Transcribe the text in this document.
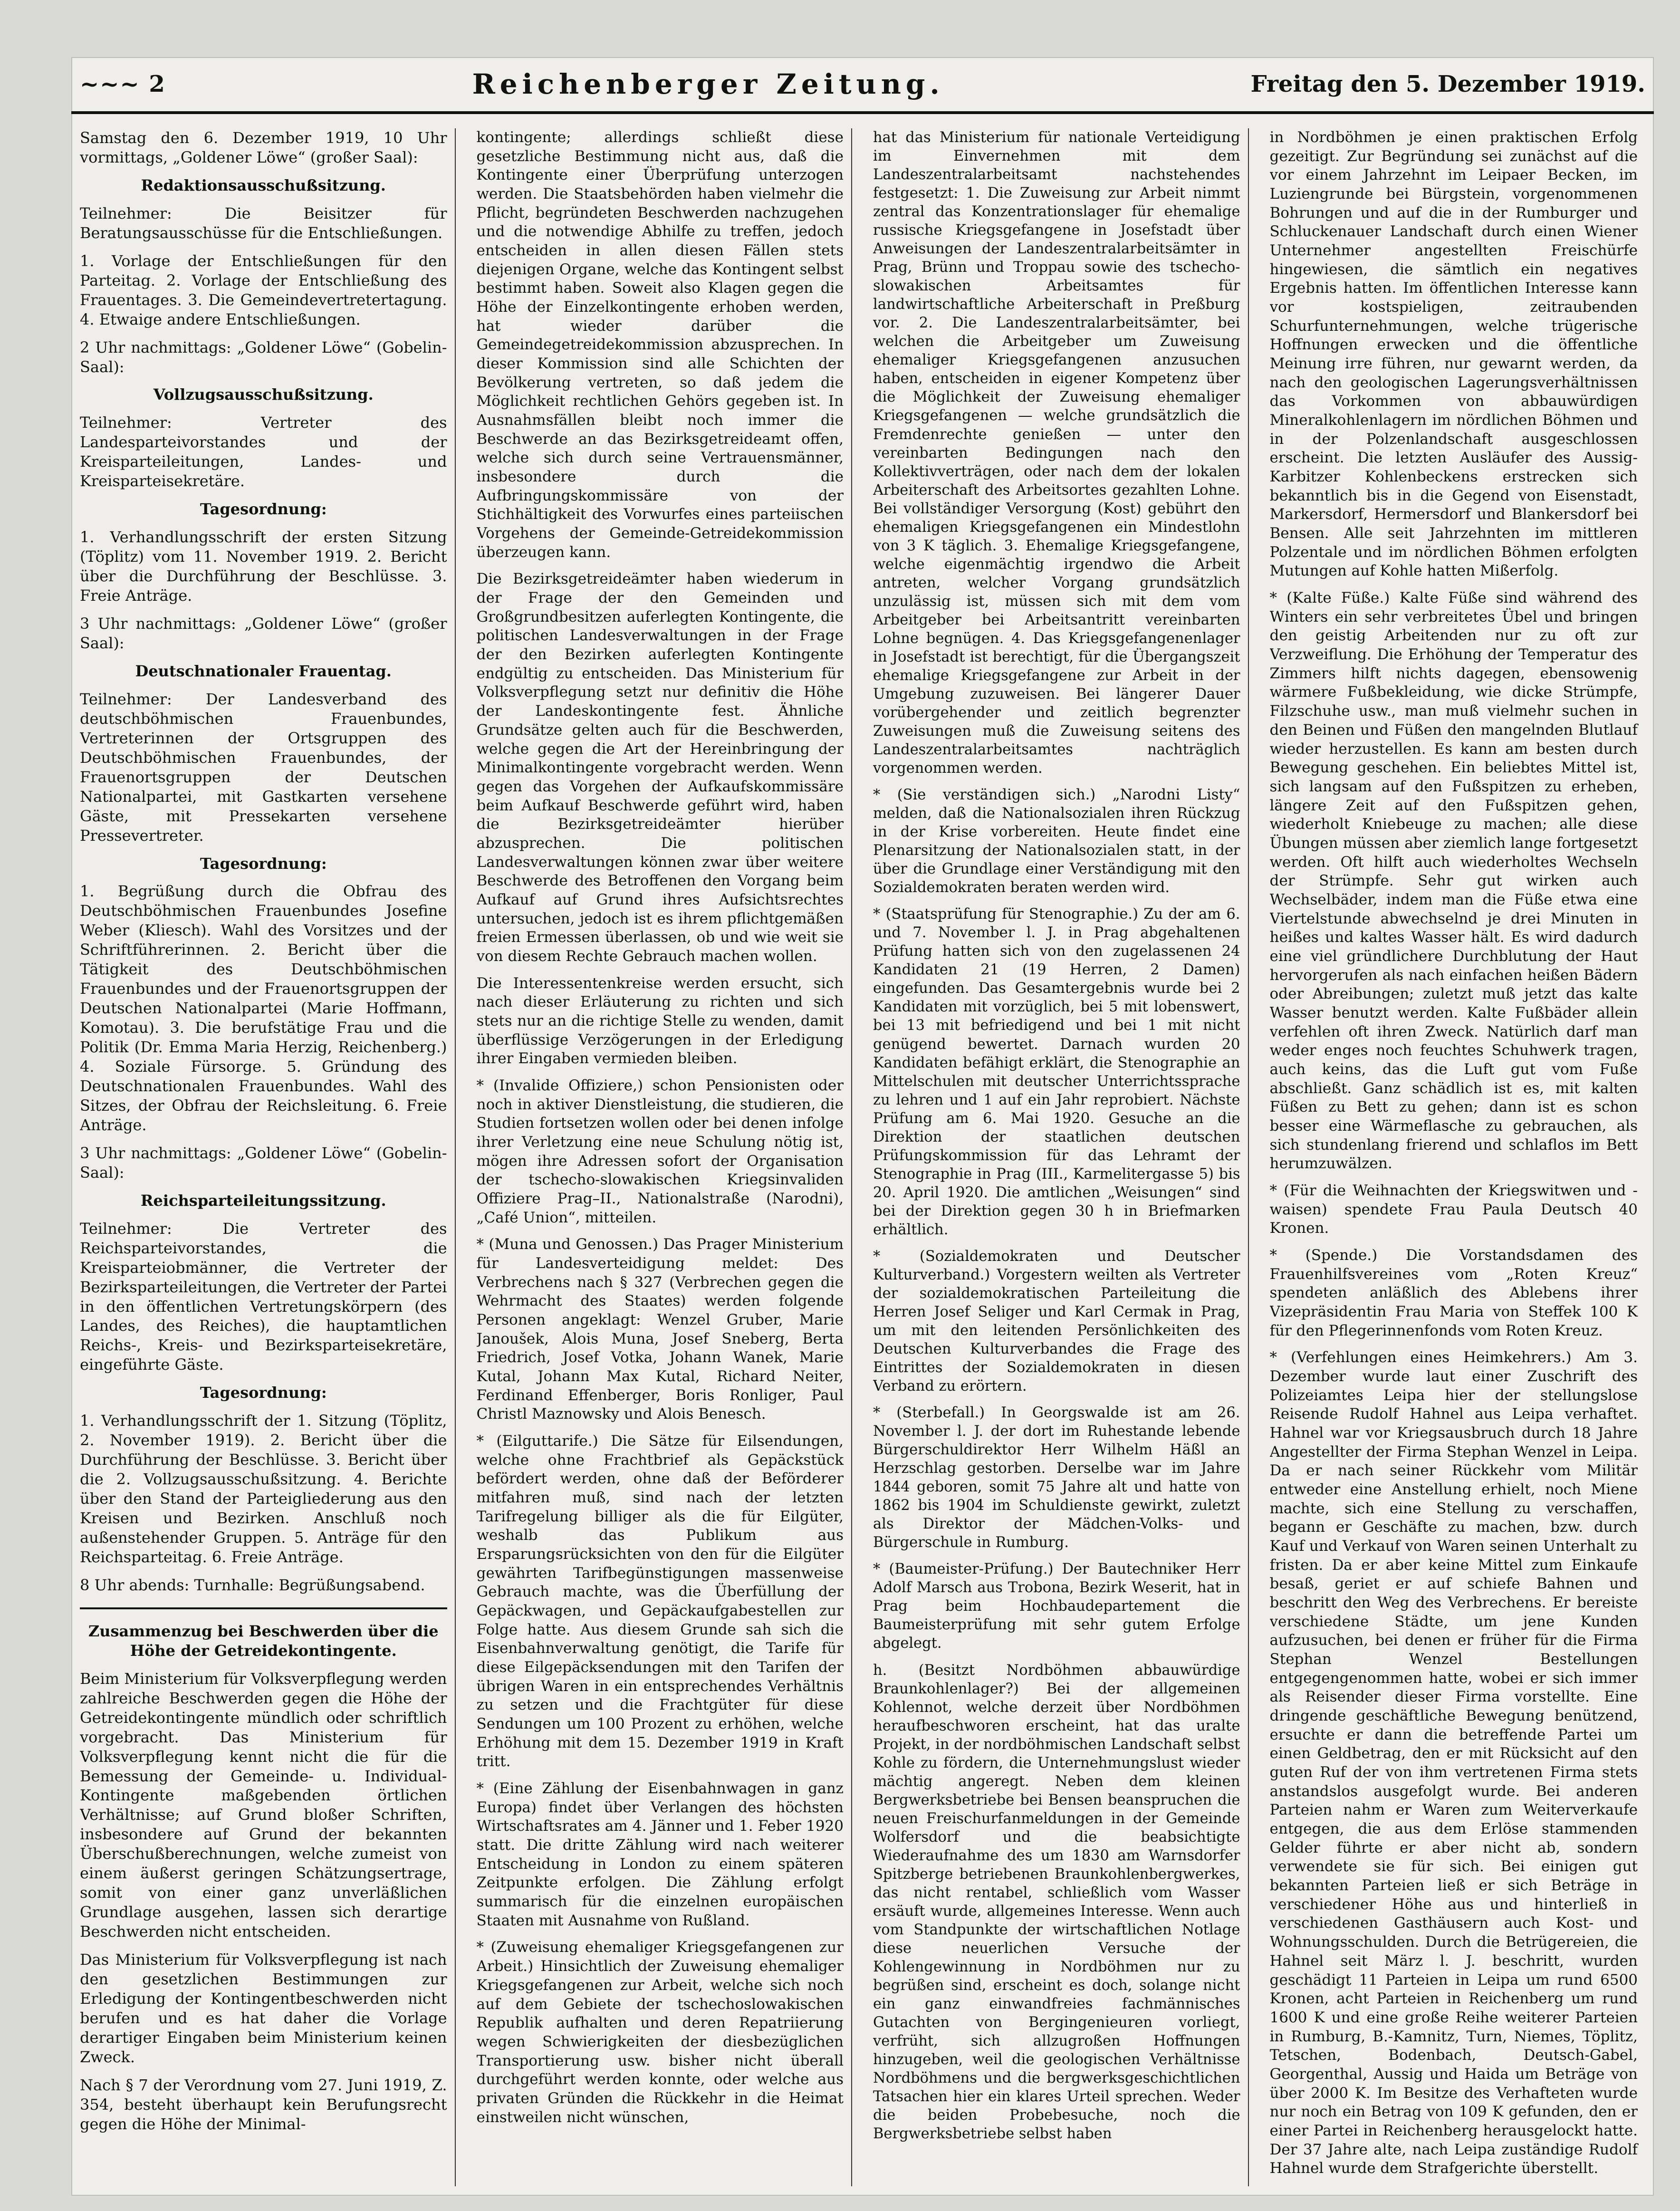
~~~ 2	Reichenberger Zeitung.	Freitag den 5. Dezember 1919.

Samstag den 6. Dezember 1919, 10 Uhr vormittags, „Goldener Löwe“ (großer Saal):

Redaktionsausschußsitzung.

Teilnehmer: Die Beisitzer für Beratungsausschüsse für die Entschließungen.

1. Vorlage der Entschließungen für den Parteitag. 2. Vorlage der Entschließung des Frauentages. 3. Die Gemeindevertretertagung. 4. Etwaige andere Entschließungen.

2 Uhr nachmittags: „Goldener Löwe“ (Gobelin-Saal):

Vollzugsausschußsitzung.

Teilnehmer: Vertreter des Landesparteivorstandes und der Kreisparteileitungen, Landes- und Kreisparteisekretäre.

Tagesordnung:

1. Verhandlungsschrift der ersten Sitzung (Töplitz) vom 11. November 1919. 2. Bericht über die Durchführung der Beschlüsse. 3. Freie Anträge.

3 Uhr nachmittags: „Goldener Löwe“ (großer Saal):

Deutschnationaler Frauentag.

Teilnehmer: Der Landesverband des deutschböhmischen Frauenbundes, Vertreterinnen der Ortsgruppen des Deutschböhmischen Frauenbundes, der Frauenortsgruppen der Deutschen Nationalpartei, mit Gastkarten versehene Gäste, mit Pressekarten versehene Pressevertreter.

Tagesordnung:

1. Begrüßung durch die Obfrau des Deutschböhmischen Frauenbundes Josefine Weber (Kliesch). Wahl des Vorsitzes und der Schriftführerinnen. 2. Bericht über die Tätigkeit des Deutschböhmischen Frauenbundes und der Frauenortsgruppen der Deutschen Nationalpartei (Marie Hoffmann, Komotau). 3. Die berufstätige Frau und die Politik (Dr. Emma Maria Herzig, Reichenberg.) 4. Soziale Fürsorge. 5. Gründung des Deutschnationalen Frauenbundes. Wahl des Sitzes, der Obfrau der Reichsleitung. 6. Freie Anträge.

3 Uhr nachmittags: „Goldener Löwe“ (Gobelin-Saal):

Reichsparteileitungssitzung.

Teilnehmer: Die Vertreter des Reichsparteivorstandes, die Kreisparteiobmänner, die Vertreter der Bezirksparteileitungen, die Vertreter der Partei in den öffentlichen Vertretungskörpern (des Landes, des Reiches), die hauptamtlichen Reichs-, Kreis- und Bezirksparteisekretäre, eingeführte Gäste.

Tagesordnung:

1. Verhandlungsschrift der 1. Sitzung (Töplitz, 2. November 1919). 2. Bericht über die Durchführung der Beschlüsse. 3. Bericht über die 2. Vollzugsausschußsitzung. 4. Berichte über den Stand der Parteigliederung aus den Kreisen und Bezirken. Anschluß noch außenstehender Gruppen. 5. Anträge für den Reichsparteitag. 6. Freie Anträge.

8 Uhr abends: Turnhalle: Begrüßungsabend.

Zusammenzug bei Beschwerden über die Höhe der Getreidekontingente.

Beim Ministerium für Volksverpflegung werden zahlreiche Beschwerden gegen die Höhe der Getreidekontingente mündlich oder schriftlich vorgebracht. Das Ministerium für Volksverpflegung kennt nicht die für die Bemessung der Gemeinde- u. Individual-Kontingente maßgebenden örtlichen Verhältnisse; auf Grund bloßer Schriften, insbesondere auf Grund der bekannten Überschußberechnungen, welche zumeist von einem äußerst geringen Schätzungsertrage, somit von einer ganz unverläßlichen Grundlage ausgehen, lassen sich derartige Beschwerden nicht entscheiden.

Das Ministerium für Volksverpflegung ist nach den gesetzlichen Bestimmungen zur Erledigung der Kontingentbeschwerden nicht berufen und es hat daher die Vorlage derartiger Eingaben beim Ministerium keinen Zweck.

Nach § 7 der Verordnung vom 27. Juni 1919, Z. 354, besteht überhaupt kein Berufungsrecht gegen die Höhe der Minimal-

kontingente; allerdings schließt diese gesetzliche Bestimmung nicht aus, daß die Kontingente einer Überprüfung unterzogen werden. Die Staatsbehörden haben vielmehr die Pflicht, begründeten Beschwerden nachzugehen und die notwendige Abhilfe zu treffen, jedoch entscheiden in allen diesen Fällen stets diejenigen Organe, welche das Kontingent selbst bestimmt haben. Soweit also Klagen gegen die Höhe der Einzelkontingente erhoben werden, hat wieder darüber die Gemeindegetreidekommission abzusprechen. In dieser Kommission sind alle Schichten der Bevölkerung vertreten, so daß jedem die Möglichkeit rechtlichen Gehörs gegeben ist. In Ausnahmsfällen bleibt noch immer die Beschwerde an das Bezirksgetreideamt offen, welche sich durch seine Vertrauensmänner, insbesondere durch die Aufbringungskommissäre von der Stichhältigkeit des Vorwurfes eines parteiischen Vorgehens der Gemeinde-Getreidekommission überzeugen kann.

Die Bezirksgetreideämter haben wiederum in der Frage der den Gemeinden und Großgrundbesitzen auferlegten Kontingente, die politischen Landesverwaltungen in der Frage der den Bezirken auferlegten Kontingente endgültig zu entscheiden. Das Ministerium für Volksverpflegung setzt nur definitiv die Höhe der Landeskontingente fest. Ähnliche Grundsätze gelten auch für die Beschwerden, welche gegen die Art der Hereinbringung der Minimalkontingente vorgebracht werden. Wenn gegen das Vorgehen der Aufkaufskommissäre beim Aufkauf Beschwerde geführt wird, haben die Bezirksgetreideämter hierüber abzusprechen. Die politischen Landesverwaltungen können zwar über weitere Beschwerde des Betroffenen den Vorgang beim Aufkauf auf Grund ihres Aufsichtsrechtes untersuchen, jedoch ist es ihrem pflichtgemäßen freien Ermessen überlassen, ob und wie weit sie von diesem Rechte Gebrauch machen wollen.

Die Interessentenkreise werden ersucht, sich nach dieser Erläuterung zu richten und sich stets nur an die richtige Stelle zu wenden, damit überflüssige Verzögerungen in der Erledigung ihrer Eingaben vermieden bleiben.

* (Invalide Offiziere,) schon Pensionisten oder noch in aktiver Dienstleistung, die studieren, die Studien fortsetzen wollen oder bei denen infolge ihrer Verletzung eine neue Schulung nötig ist, mögen ihre Adressen sofort der Organisation der tschecho-slowakischen Kriegsinvaliden Offiziere Prag–II., Nationalstraße (Narodni), „Café Union“, mitteilen.

* (Muna und Genossen.) Das Prager Ministerium für Landesverteidigung meldet: Des Verbrechens nach § 327 (Verbrechen gegen die Wehrmacht des Staates) werden folgende Personen angeklagt: Wenzel Gruber, Marie Janoušek, Alois Muna, Josef Sneberg, Berta Friedrich, Josef Votka, Johann Wanek, Marie Kutal, Johann Max Kutal, Richard Neiter, Ferdinand Effenberger, Boris Ronliger, Paul Christl Maznowsky und Alois Benesch.

* (Eilguttarife.) Die Sätze für Eilsendungen, welche ohne Frachtbrief als Gepäckstück befördert werden, ohne daß der Beförderer mitfahren muß, sind nach der letzten Tarifregelung billiger als die für Eilgüter, weshalb das Publikum aus Ersparungsrücksichten von den für die Eilgüter gewährten Tarifbegünstigungen massenweise Gebrauch machte, was die Überfüllung der Gepäckwagen, und Gepäckaufgabestellen zur Folge hatte. Aus diesem Grunde sah sich die Eisenbahnverwaltung genötigt, die Tarife für diese Eilgepäcksendungen mit den Tarifen der übrigen Waren in ein entsprechendes Verhältnis zu setzen und die Frachtgüter für diese Sendungen um 100 Prozent zu erhöhen, welche Erhöhung mit dem 15. Dezember 1919 in Kraft tritt.

* (Eine Zählung der Eisenbahnwagen in ganz Europa) findet über Verlangen des höchsten Wirtschaftsrates am 4. Jänner und 1. Feber 1920 statt. Die dritte Zählung wird nach weiterer Entscheidung in London zu einem späteren Zeitpunkte erfolgen. Die Zählung erfolgt summarisch für die einzelnen europäischen Staaten mit Ausnahme von Rußland.

* (Zuweisung ehemaliger Kriegsgefangenen zur Arbeit.) Hinsichtlich der Zuweisung ehemaliger Kriegsgefangenen zur Arbeit, welche sich noch auf dem Gebiete der tschechoslowakischen Republik aufhalten und deren Repatriierung wegen Schwierigkeiten der diesbezüglichen Transportierung usw. bisher nicht überall durchgeführt werden konnte, oder welche aus privaten Gründen die Rückkehr in die Heimat einstweilen nicht wünschen,

hat das Ministerium für nationale Verteidigung im Einvernehmen mit dem Landeszentralarbeitsamt nachstehendes festgesetzt: 1. Die Zuweisung zur Arbeit nimmt zentral das Konzentrationslager für ehemalige russische Kriegsgefangene in Josefstadt über Anweisungen der Landeszentralarbeitsämter in Prag, Brünn und Troppau sowie des tschecho-slowakischen Arbeitsamtes für landwirtschaftliche Arbeiterschaft in Preßburg vor. 2. Die Landeszentralarbeitsämter, bei welchen die Arbeitgeber um Zuweisung ehemaliger Kriegsgefangenen anzusuchen haben, entscheiden in eigener Kompetenz über die Möglichkeit der Zuweisung ehemaliger Kriegsgefangenen — welche grundsätzlich die Fremdenrechte genießen — unter den vereinbarten Bedingungen nach den Kollektivverträgen, oder nach dem der lokalen Arbeiterschaft des Arbeitsortes gezahlten Lohne. Bei vollständiger Versorgung (Kost) gebührt den ehemaligen Kriegsgefangenen ein Mindestlohn von 3 K täglich. 3. Ehemalige Kriegsgefangene, welche eigenmächtig irgendwo die Arbeit antreten, welcher Vorgang grundsätzlich unzulässig ist, müssen sich mit dem vom Arbeitgeber bei Arbeitsantritt vereinbarten Lohne begnügen. 4. Das Kriegsgefangenenlager in Josefstadt ist berechtigt, für die Übergangszeit ehemalige Kriegsgefangene zur Arbeit in der Umgebung zuzuweisen. Bei längerer Dauer vorübergehender und zeitlich begrenzter Zuweisungen muß die Zuweisung seitens des Landeszentralarbeitsamtes nachträglich vorgenommen werden.

* (Sie verständigen sich.) „Narodni Listy“ melden, daß die Nationalsozialen ihren Rückzug in der Krise vorbereiten. Heute findet eine Plenarsitzung der Nationalsozialen statt, in der über die Grundlage einer Verständigung mit den Sozialdemokraten beraten werden wird.

* (Staatsprüfung für Stenographie.) Zu der am 6. und 7. November l. J. in Prag abgehaltenen Prüfung hatten sich von den zugelassenen 24 Kandidaten 21 (19 Herren, 2 Damen) eingefunden. Das Gesamtergebnis wurde bei 2 Kandidaten mit vorzüglich, bei 5 mit lobenswert, bei 13 mit befriedigend und bei 1 mit nicht genügend bewertet. Darnach wurden 20 Kandidaten befähigt erklärt, die Stenographie an Mittelschulen mit deutscher Unterrichtssprache zu lehren und 1 auf ein Jahr reprobiert. Nächste Prüfung am 6. Mai 1920. Gesuche an die Direktion der staatlichen deutschen Prüfungskommission für das Lehramt der Stenographie in Prag (III., Karmelitergasse 5) bis 20. April 1920. Die amtlichen „Weisungen“ sind bei der Direktion gegen 30 h in Briefmarken erhältlich.

* (Sozialdemokraten und Deutscher Kulturverband.) Vorgestern weilten als Vertreter der sozialdemokratischen Parteileitung die Herren Josef Seliger und Karl Cermak in Prag, um mit den leitenden Persönlichkeiten des Deutschen Kulturverbandes die Frage des Eintrittes der Sozialdemokraten in diesen Verband zu erörtern.

* (Sterbefall.) In Georgswalde ist am 26. November l. J. der dort im Ruhestande lebende Bürgerschuldirektor Herr Wilhelm Häßl an Herzschlag gestorben. Derselbe war im Jahre 1844 geboren, somit 75 Jahre alt und hatte von 1862 bis 1904 im Schuldienste gewirkt, zuletzt als Direktor der Mädchen-Volks- und Bürgerschule in Rumburg.

* (Baumeister-Prüfung.) Der Bautechniker Herr Adolf Marsch aus Trobona, Bezirk Weserit, hat in Prag beim Hochbaudepartement die Baumeisterprüfung mit sehr gutem Erfolge abgelegt.

h. (Besitzt Nordböhmen abbauwürdige Braunkohlenlager?) Bei der allgemeinen Kohlennot, welche derzeit über Nordböhmen heraufbeschworen erscheint, hat das uralte Projekt, in der nordböhmischen Landschaft selbst Kohle zu fördern, die Unternehmungslust wieder mächtig angeregt. Neben dem kleinen Bergwerksbetriebe bei Bensen beanspruchen die neuen Freischurfanmeldungen in der Gemeinde Wolfersdorf und die beabsichtigte Wiederaufnahme des um 1830 am Warnsdorfer Spitzberge betriebenen Braunkohlenbergwerkes, das nicht rentabel, schließlich vom Wasser ersäuft wurde, allgemeines Interesse. Wenn auch vom Standpunkte der wirtschaftlichen Notlage diese neuerlichen Versuche der Kohlengewinnung in Nordböhmen nur zu begrüßen sind, erscheint es doch, solange nicht ein ganz einwandfreies fachmännisches Gutachten von Bergingenieuren vorliegt, verfrüht, sich allzugroßen Hoffnungen hinzugeben, weil die geologischen Verhältnisse Nordböhmens und die bergwerksgeschichtlichen Tatsachen hier ein klares Urteil sprechen. Weder die beiden Probebesuche, noch die Bergwerksbetriebe selbst haben

in Nordböhmen je einen praktischen Erfolg gezeitigt. Zur Begründung sei zunächst auf die vor einem Jahrzehnt im Leipaer Becken, im Luziengrunde bei Bürgstein, vorgenommenen Bohrungen und auf die in der Rumburger und Schluckenauer Landschaft durch einen Wiener Unternehmer angestellten Freischürfe hingewiesen, die sämtlich ein negatives Ergebnis hatten. Im öffentlichen Interesse kann vor kostspieligen, zeitraubenden Schurfunternehmungen, welche trügerische Hoffnungen erwecken und die öffentliche Meinung irre führen, nur gewarnt werden, da nach den geologischen Lagerungsverhältnissen das Vorkommen von abbauwürdigen Mineralkohlenlagern im nördlichen Böhmen und in der Polzenlandschaft ausgeschlossen erscheint. Die letzten Ausläufer des Aussig-Karbitzer Kohlenbeckens erstrecken sich bekanntlich bis in die Gegend von Eisenstadt, Markersdorf, Hermersdorf und Blankersdorf bei Bensen. Alle seit Jahrzehnten im mittleren Polzentale und im nördlichen Böhmen erfolgten Mutungen auf Kohle hatten Mißerfolg.

* (Kalte Füße.) Kalte Füße sind während des Winters ein sehr verbreitetes Übel und bringen den geistig Arbeitenden nur zu oft zur Verzweiflung. Die Erhöhung der Temperatur des Zimmers hilft nichts dagegen, ebensowenig wärmere Fußbekleidung, wie dicke Strümpfe, Filzschuhe usw., man muß vielmehr suchen in den Beinen und Füßen den mangelnden Blutlauf wieder herzustellen. Es kann am besten durch Bewegung geschehen. Ein beliebtes Mittel ist, sich langsam auf den Fußspitzen zu erheben, längere Zeit auf den Fußspitzen gehen, wiederholt Kniebeuge zu machen; alle diese Übungen müssen aber ziemlich lange fortgesetzt werden. Oft hilft auch wiederholtes Wechseln der Strümpfe. Sehr gut wirken auch Wechselbäder, indem man die Füße etwa eine Viertelstunde abwechselnd je drei Minuten in heißes und kaltes Wasser hält. Es wird dadurch eine viel gründlichere Durchblutung der Haut hervorgerufen als nach einfachen heißen Bädern oder Abreibungen; zuletzt muß jetzt das kalte Wasser benutzt werden. Kalte Fußbäder allein verfehlen oft ihren Zweck. Natürlich darf man weder enges noch feuchtes Schuhwerk tragen, auch keins, das die Luft gut vom Fuße abschließt. Ganz schädlich ist es, mit kalten Füßen zu Bett zu gehen; dann ist es schon besser eine Wärmeflasche zu gebrauchen, als sich stundenlang frierend und schlaflos im Bett herumzuwälzen.

* (Für die Weihnachten der Kriegswitwen und -waisen) spendete Frau Paula Deutsch 40 Kronen.

* (Spende.) Die Vorstandsdamen des Frauenhilfsvereines vom „Roten Kreuz“ spendeten anläßlich des Ablebens ihrer Vizepräsidentin Frau Maria von Steffek 100 K für den Pflegerinnenfonds vom Roten Kreuz.

* (Verfehlungen eines Heimkehrers.) Am 3. Dezember wurde laut einer Zuschrift des Polizeiamtes Leipa hier der stellungslose Reisende Rudolf Hahnel aus Leipa verhaftet. Hahnel war vor Kriegsausbruch durch 18 Jahre Angestellter der Firma Stephan Wenzel in Leipa. Da er nach seiner Rückkehr vom Militär entweder eine Anstellung erhielt, noch Miene machte, sich eine Stellung zu verschaffen, begann er Geschäfte zu machen, bzw. durch Kauf und Verkauf von Waren seinen Unterhalt zu fristen. Da er aber keine Mittel zum Einkaufe besaß, geriet er auf schiefe Bahnen und beschritt den Weg des Verbrechens. Er bereiste verschiedene Städte, um jene Kunden aufzusuchen, bei denen er früher für die Firma Stephan Wenzel Bestellungen entgegengenommen hatte, wobei er sich immer als Reisender dieser Firma vorstellte. Eine dringende geschäftliche Bewegung benützend, ersuchte er dann die betreffende Partei um einen Geldbetrag, den er mit Rücksicht auf den guten Ruf der von ihm vertretenen Firma stets anstandslos ausgefolgt wurde. Bei anderen Parteien nahm er Waren zum Weiterverkaufe entgegen, die aus dem Erlöse stammenden Gelder führte er aber nicht ab, sondern verwendete sie für sich. Bei einigen gut bekannten Parteien ließ er sich Beträge in verschiedener Höhe aus und hinterließ in verschiedenen Gasthäusern auch Kost- und Wohnungsschulden. Durch die Betrügereien, die Hahnel seit März l. J. beschritt, wurden geschädigt 11 Parteien in Leipa um rund 6500 Kronen, acht Parteien in Reichenberg um rund 1600 K und eine große Reihe weiterer Parteien in Rumburg, B.-Kamnitz, Turn, Niemes, Töplitz, Tetschen, Bodenbach, Deutsch-Gabel, Georgenthal, Aussig und Haida um Beträge von über 2000 K. Im Besitze des Verhafteten wurde nur noch ein Betrag von 109 K gefunden, den er einer Partei in Reichenberg herausgelockt hatte. Der 37 Jahre alte, nach Leipa zuständige Rudolf Hahnel wurde dem Strafgerichte überstellt.
